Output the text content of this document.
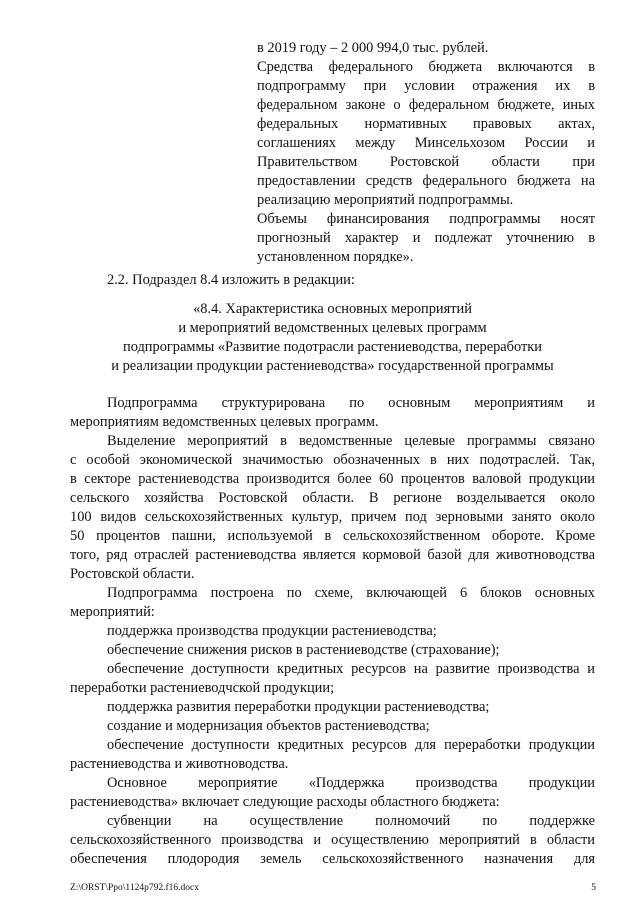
в 2019 году – 2 000 994,0 тыс. рублей.
Средства федерального бюджета включаются в
подпрограмму при условии отражения их в
федеральном законе о федеральном бюджете, иных
федеральных нормативных правовых актах,
соглашениях между Минсельхозом России и
Правительством Ростовской области при
предоставлении средств федерального бюджета на
реализацию мероприятий подпрограммы.
Объемы финансирования подпрограммы носят
прогнозный характер и подлежат уточнению в
установленном порядке».
2.2. Подраздел 8.4 изложить в редакции:
«8.4. Характеристика основных мероприятий
и мероприятий ведомственных целевых программ
подпрограммы «Развитие подотрасли растениеводства, переработки
и реализации продукции растениеводства» государственной программы
Подпрограмма структурирована по основным мероприятиям и
мероприятиям ведомственных целевых программ.
Выделение мероприятий в ведомственные целевые программы связано
с особой экономической значимостью обозначенных в них подотраслей. Так,
в секторе растениеводства производится более 60 процентов валовой продукции
сельского хозяйства Ростовской области. В регионе возделывается около
100 видов сельскохозяйственных культур, причем под зерновыми занято около
50 процентов пашни, используемой в сельскохозяйственном обороте. Кроме
того, ряд отраслей растениеводства является кормовой базой для животноводства
Ростовской области.
Подпрограмма построена по схеме, включающей 6 блоков основных
мероприятий:
поддержка производства продукции растениеводства;
обеспечение снижения рисков в растениеводстве (страхование);
обеспечение доступности кредитных ресурсов на развитие производства и
переработки растениеводчской продукции;
поддержка развития переработки продукции растениеводства;
создание и модернизация объектов растениеводства;
обеспечение доступности кредитных ресурсов для переработки продукции
растениеводства и животноводства.
Основное мероприятие «Поддержка производства продукции
растениеводства» включает следующие расходы областного бюджета:
субвенции на осуществление полномочий по поддержке
сельскохозяйственного производства и осуществлению мероприятий в области
обеспечения плодородия земель сельскохозяйственного назначения для
Z:\ORST\Ppo\1124p792.f16.docx	5
